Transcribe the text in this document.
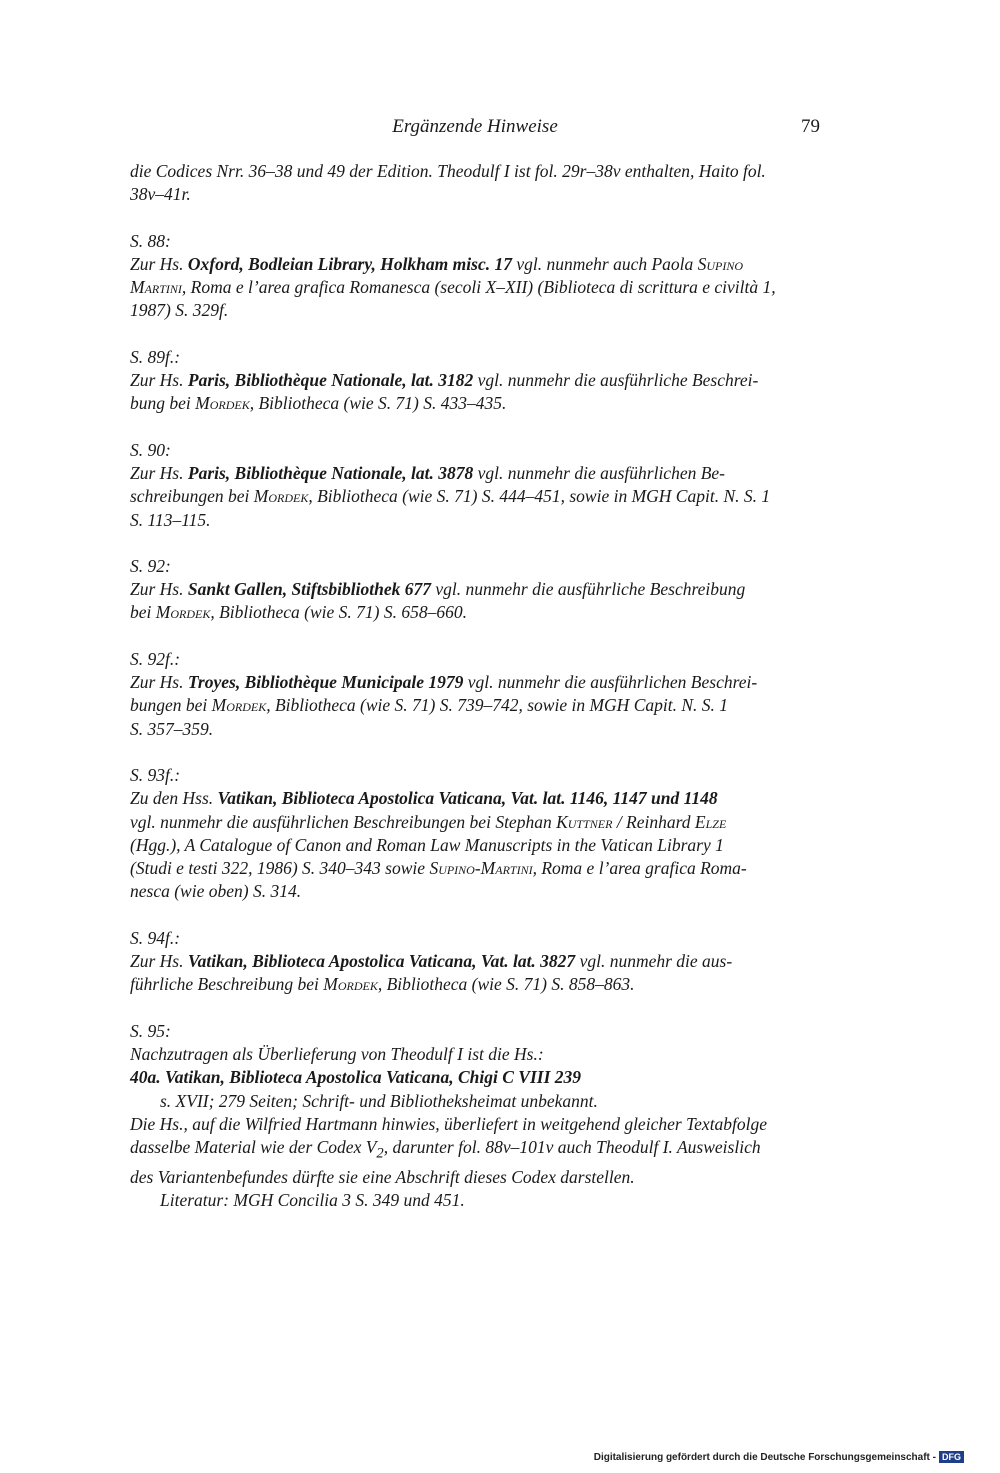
Ergänzende Hinweise	79

die Codices Nrr. 36–38 und 49 der Edition. Theodulf I ist fol. 29r–38v enthalten, Haito fol.
38v–41r.

S. 88:

Zur Hs. Oxford, Bodleian Library, Holkham misc. 17 vgl. nunmehr auch Paola Supino
Martini, Roma e l’area grafica Romanesca (secoli X–XII) (Biblioteca di scrittura e civiltà 1,
1987) S. 329f.

S. 89f.:

Zur Hs. Paris, Bibliothèque Nationale, lat. 3182 vgl. nunmehr die ausführliche Beschrei-
bung bei Mordek, Bibliotheca (wie S. 71) S. 433–435.

S. 90:

Zur Hs. Paris, Bibliothèque Nationale, lat. 3878 vgl. nunmehr die ausführlichen Be-
schreibungen bei Mordek, Bibliotheca (wie S. 71) S. 444–451, sowie in MGH Capit. N. S. 1
S. 113–115.

S. 92:

Zur Hs. Sankt Gallen, Stiftsbibliothek 677 vgl. nunmehr die ausführliche Beschreibung
bei Mordek, Bibliotheca (wie S. 71) S. 658–660.

S. 92f.:

Zur Hs. Troyes, Bibliothèque Municipale 1979 vgl. nunmehr die ausführlichen Beschrei-
bungen bei Mordek, Bibliotheca (wie S. 71) S. 739–742, sowie in MGH Capit. N. S. 1
S. 357–359.

S. 93f.:

Zu den Hss. Vatikan, Biblioteca Apostolica Vaticana, Vat. lat. 1146, 1147 und 1148
vgl. nunmehr die ausführlichen Beschreibungen bei Stephan Kuttner / Reinhard Elze
(Hgg.), A Catalogue of Canon and Roman Law Manuscripts in the Vatican Library 1
(Studi e testi 322, 1986) S. 340–343 sowie Supino-Martini, Roma e l’area grafica Roma-
nesca (wie oben) S. 314.

S. 94f.:

Zur Hs. Vatikan, Biblioteca Apostolica Vaticana, Vat. lat. 3827 vgl. nunmehr die aus-
führliche Beschreibung bei Mordek, Bibliotheca (wie S. 71) S. 858–863.

S. 95:

Nachzutragen als Überlieferung von Theodulf I ist die Hs.:
40a. Vatikan, Biblioteca Apostolica Vaticana, Chigi C VIII 239

s. XVII; 279 Seiten; Schrift- und Bibliotheksheimat unbekannt.

Die Hs., auf die Wilfried Hartmann hinwies, überliefert in weitgehend gleicher Textabfolge
dasselbe Material wie der Codex $V_2$, darunter fol. 88v–101v auch Theodulf I. Ausweislich
des Variantenbefundes dürfte sie eine Abschrift dieses Codex darstellen.

Literatur: MGH Concilia 3 S. 349 und 451.

Digitalisierung gefördert durch die Deutsche Forschungsgemeinschaft - DFG
